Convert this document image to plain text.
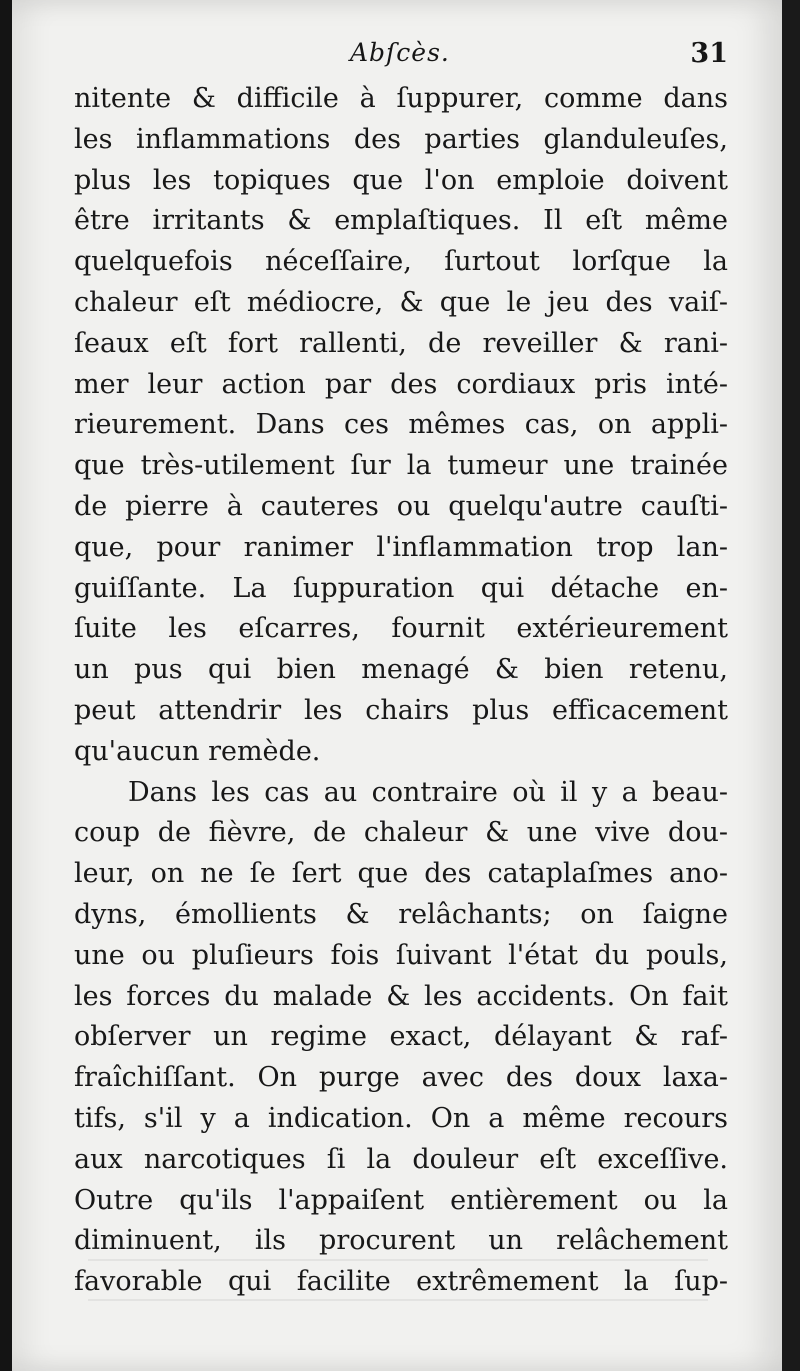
Abſcès.	31
nitente & difficile à ſuppurer, comme dans
les inflammations des parties glanduleuſes,
plus les topiques que l'on emploie doivent
être irritants & emplaſtiques. Il eſt même
quelquefois néceſſaire, ſurtout lorſque la
chaleur eſt médiocre, & que le jeu des vaiſ-
ſeaux eſt fort rallenti, de reveiller & rani-
mer leur action par des cordiaux pris inté-
rieurement. Dans ces mêmes cas, on appli-
que très-utilement ſur la tumeur une trainée
de pierre à cauteres ou quelqu'autre cauſti-
que, pour ranimer l'inflammation trop lan-
guiſſante. La ſuppuration qui détache en-
ſuite les eſcarres, fournit extérieurement
un pus qui bien menagé & bien retenu,
peut attendrir les chairs plus efficacement
qu'aucun remède.
Dans les cas au contraire où il y a beau-
coup de fièvre, de chaleur & une vive dou-
leur, on ne ſe ſert que des cataplaſmes ano-
dyns, émollients & relâchants; on ſaigne
une ou pluſieurs fois ſuivant l'état du pouls,
les forces du malade & les accidents. On fait
obſerver un regime exact, délayant & raf-
fraîchiſſant. On purge avec des doux laxa-
tifs, s'il y a indication. On a même recours
aux narcotiques ſi la douleur eſt exceſſive.
Outre qu'ils l'appaiſent entièrement ou la
diminuent, ils procurent un relâchement
favorable qui facilite extrêmement la ſup-
